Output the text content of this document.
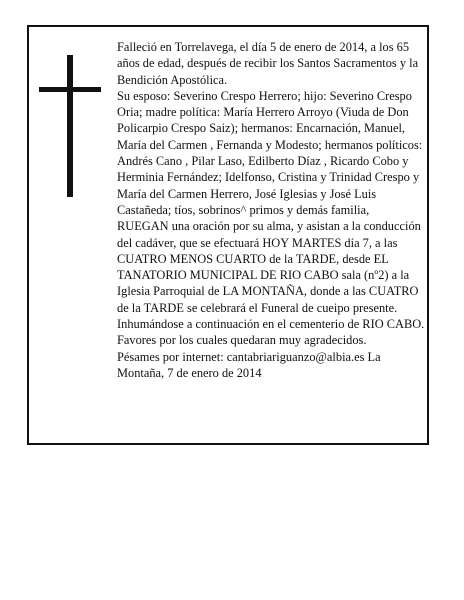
Falleció en Torrelavega, el día 5 de enero de 2014, a los 65 años de edad, después de recibir los Santos Sacramentos y la Bendición Apostólica.

Su esposo: Severino Crespo Herrero; hijo: Severino Crespo Oria; madre política: María Herrero Arroyo (Viuda de Don Policarpio Crespo Saiz); hermanos: Encarnación, Manuel, María del Carmen , Fernanda y Modesto; hermanos políticos: Andrés Cano , Pilar Laso, Edilberto Díaz , Ricardo Cobo y Herminia Fernández; Idelfonso, Cristina y Trinidad Crespo y María del Carmen Herrero, José Iglesias y José Luis Castañeda; tíos, sobrinos^ primos y demás familia,

RUEGAN una oración por su alma, y asistan a la conducción del cadáver, que se efectuará HOY MARTES día 7, a las CUATRO MENOS CUARTO de la TARDE, desde EL TANATORIO MUNICIPAL DE RIO CABO sala (nº2) a la Iglesia Parroquial de LA MONTAÑA, donde a las CUATRO de la TARDE se celebrará el Funeral de cueipo presente. Inhumándose a continuación en el cementerio de RIO CABO. Favores por los cuales quedaran muy agradecidos.

Pésames por internet: cantabriariguanzo@albia.es La Montaña, 7 de enero de 2014
